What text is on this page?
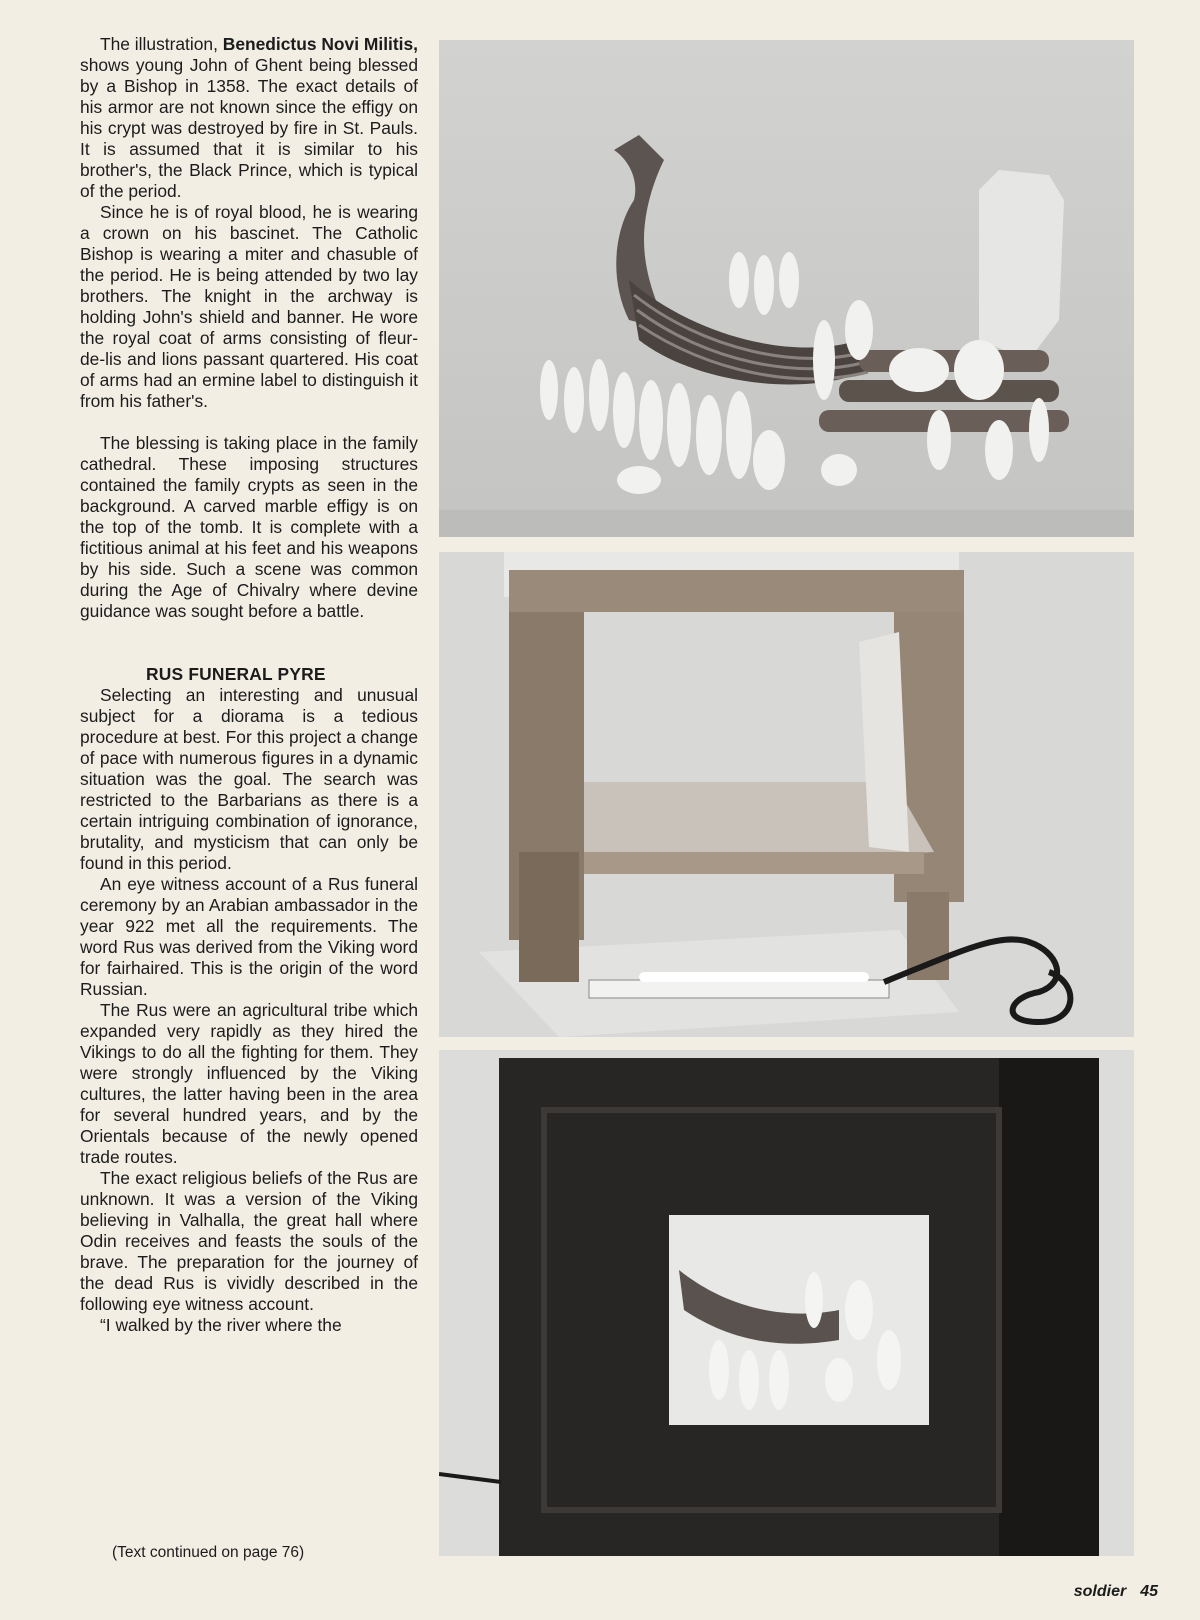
The illustration, Benedictus Novi Militis, shows young John of Ghent being blessed by a Bishop in 1358. The exact details of his armor are not known since the effigy on his crypt was destroyed by fire in St. Pauls. It is assumed that it is similar to his brother's, the Black Prince, which is typical of the period.

Since he is of royal blood, he is wearing a crown on his bascinet. The Catholic Bishop is wearing a miter and chasuble of the period. He is being attended by two lay brothers. The knight in the archway is holding John's shield and banner. He wore the royal coat of arms consisting of fleur-de-lis and lions passant quartered. His coat of arms had an ermine label to distinguish it from his father's.

The blessing is taking place in the family cathedral. These imposing structures contained the family crypts as seen in the background. A carved marble effigy is on the top of the tomb. It is complete with a fictitious animal at his feet and his weapons by his side. Such a scene was common during the Age of Chivalry where devine guidance was sought before a battle.

RUS FUNERAL PYRE

Selecting an interesting and unusual subject for a diorama is a tedious procedure at best. For this project a change of pace with numerous figures in a dynamic situation was the goal. The search was restricted to the Barbarians as there is a certain intriguing combination of ignorance, brutality, and mysticism that can only be found in this period.

An eye witness account of a Rus funeral ceremony by an Arabian ambassador in the year 922 met all the requirements. The word Rus was derived from the Viking word for fairhaired. This is the origin of the word Russian.

The Rus were an agricultural tribe which expanded very rapidly as they hired the Vikings to do all the fighting for them. They were strongly influenced by the Viking cultures, the latter having been in the area for several hundred years, and by the Orientals because of the newly opened trade routes.

The exact religious beliefs of the Rus are unknown. It was a version of the Viking believing in Valhalla, the great hall where Odin receives and feasts the souls of the brave. The preparation for the journey of the dead Rus is vividly described in the following eye witness account.

“I walked by the river where the

(Text continued on page 76)
soldier 45
